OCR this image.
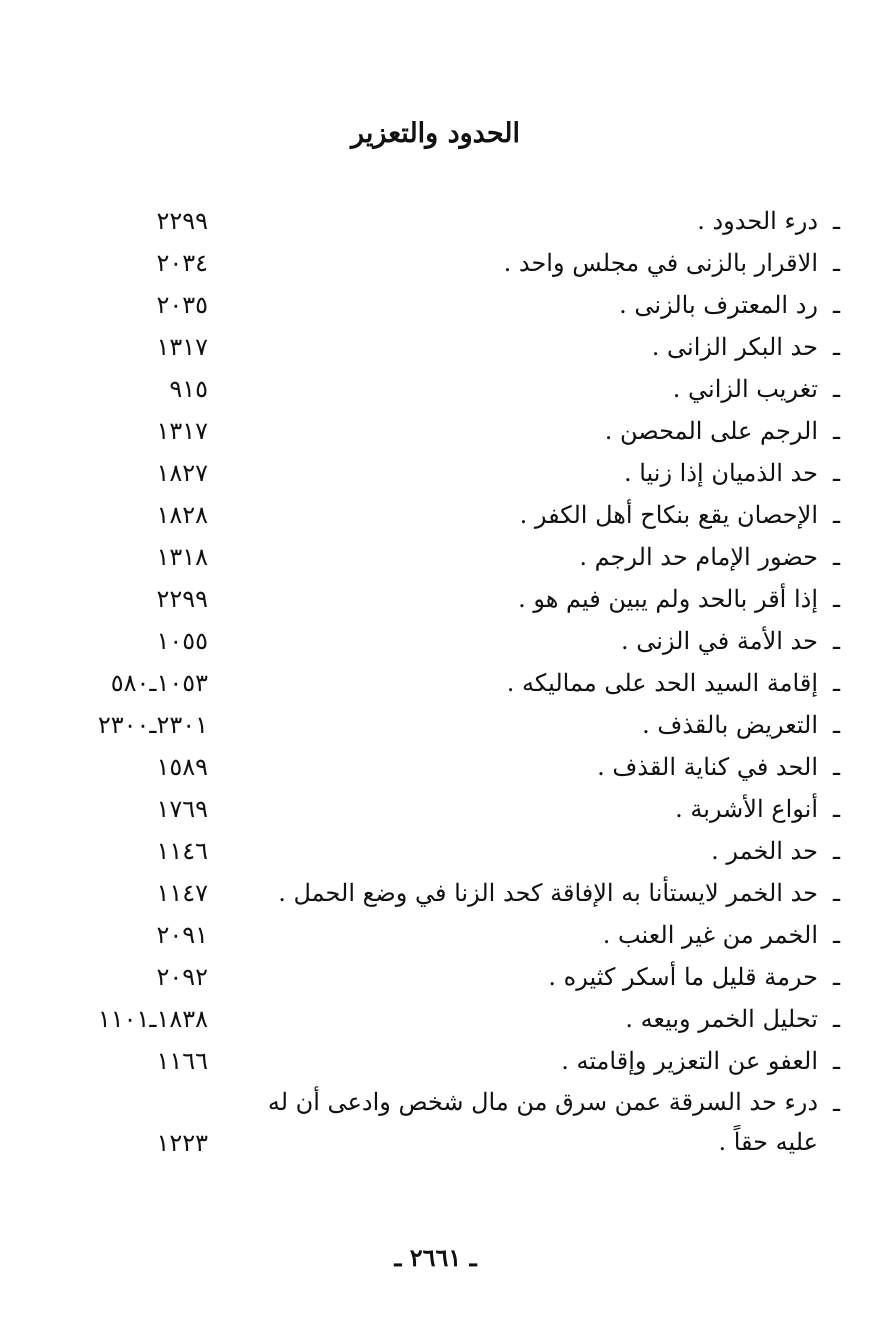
الحدود والتعزير
ـ
درء الحدود .
٢٢٩٩
ـ
الاقرار بالزنى في مجلس واحد .
٢٠٣٤
ـ
رد المعترف بالزنى .
٢٠٣٥
ـ
حد البكر الزانى .
١٣١٧
ـ
تغريب الزاني .
٩١٥
ـ
الرجم على المحصن .
١٣١٧
ـ
حد الذميان إذا زنيا .
١٨٢٧
ـ
الإحصان يقع بنكاح أهل الكفر .
١٨٢٨
ـ
حضور الإمام حد الرجم .
١٣١٨
ـ
إذا أقر بالحد ولم يبين فيم هو .
٢٢٩٩
ـ
حد الأمة في الزنى .
١٠٥٥
ـ
إقامة السيد الحد على مماليكه .
١٠٥٣ـ٥٨٠
ـ
التعريض بالقذف .
٢٣٠١ـ٢٣٠٠
ـ
الحد في كناية القذف .
١٥٨٩
ـ
أنواع الأشربة .
١٧٦٩
ـ
حد الخمر .
١١٤٦
ـ
حد الخمر لايستأنا به الإفاقة كحد الزنا في وضع الحمل .
١١٤٧
ـ
الخمر من غير العنب .
٢٠٩١
ـ
حرمة قليل ما أسكر كثيره .
٢٠٩٢
ـ
تحليل الخمر وبيعه .
١٨٣٨ـ١١٠١
ـ
العفو عن التعزير وإقامته .
١١٦٦
ـ
درء حد السرقة عمن سرق من مال شخص وادعى أن له عليه حقاً .
١٢٢٣
ـ ٢٦٦١ ـ
